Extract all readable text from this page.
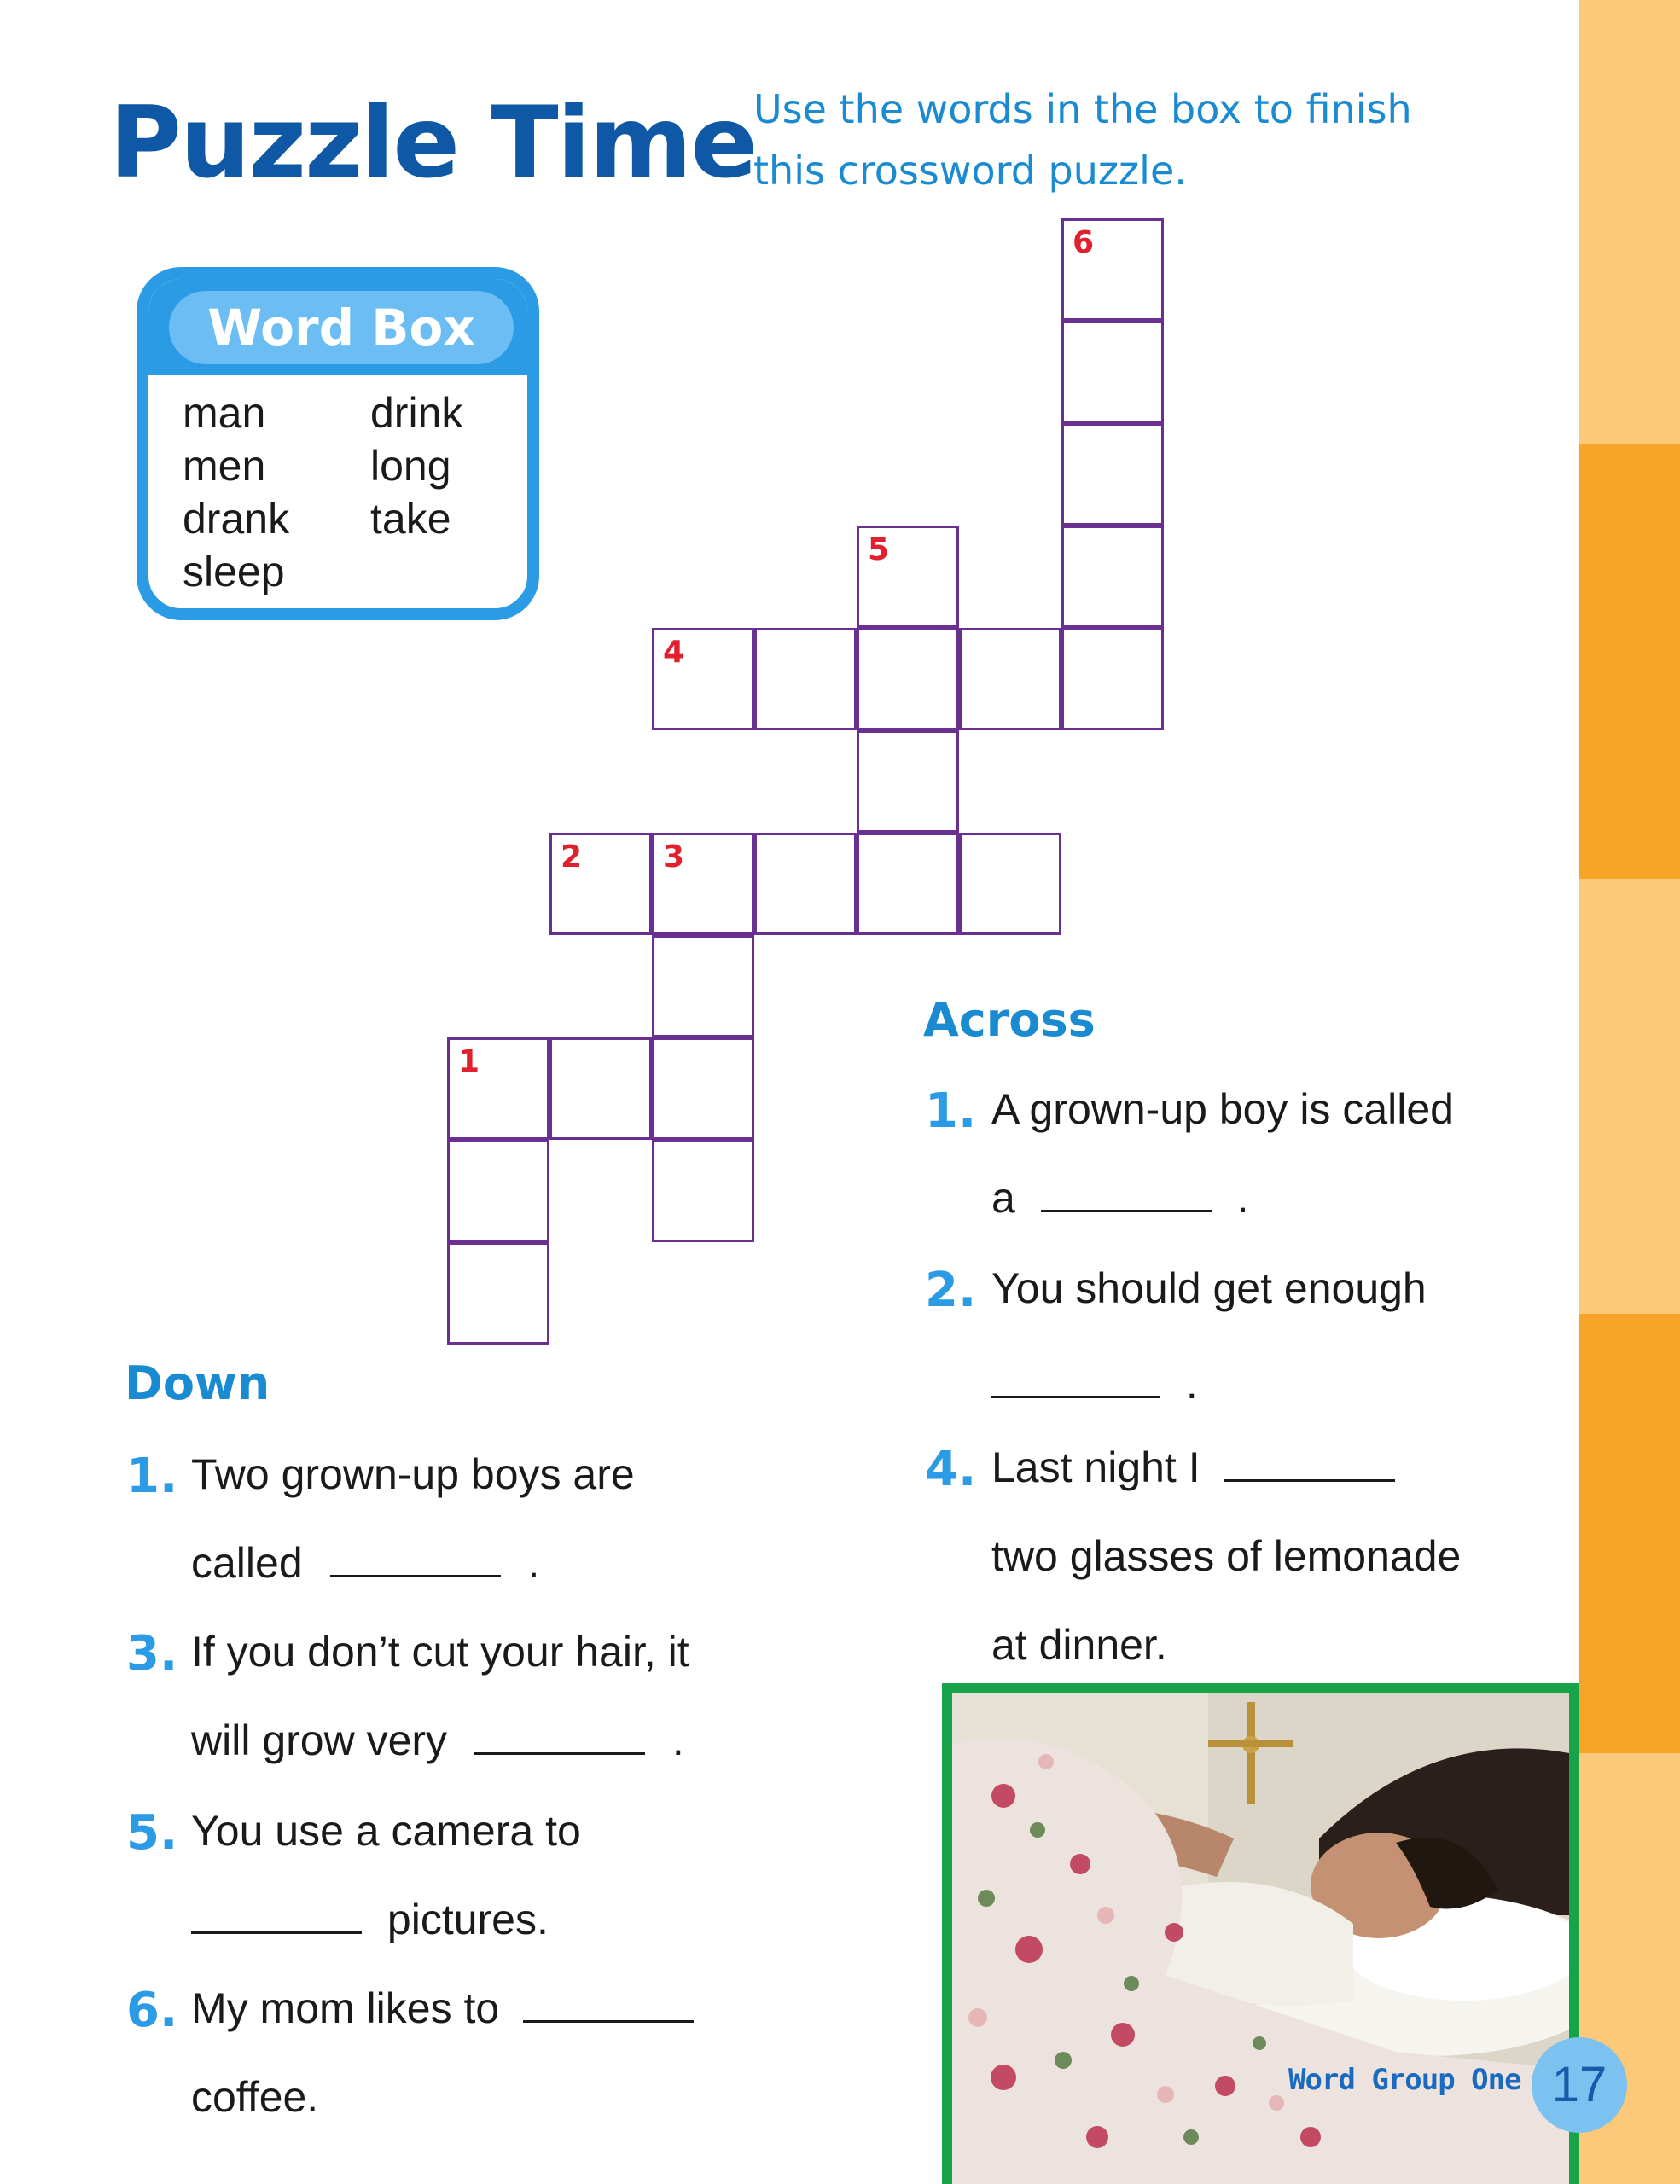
Puzzle Time
Use the words in the box to finish
this crossword puzzle.
Word Box
man	drink
men	long
drank	take
sleep
6
5
4
2	3
1
Across
1. A grown-up boy is called
a	.
2. You should get enough
.
4. Last night I
two glasses of lemonade
at dinner.
Down
1. Two grown-up boys are
called	.
3. If you don’t cut your hair, it
will grow very	.
5. You use a camera to
pictures.
6. My mom likes to
coffee.	Word Group One 17
